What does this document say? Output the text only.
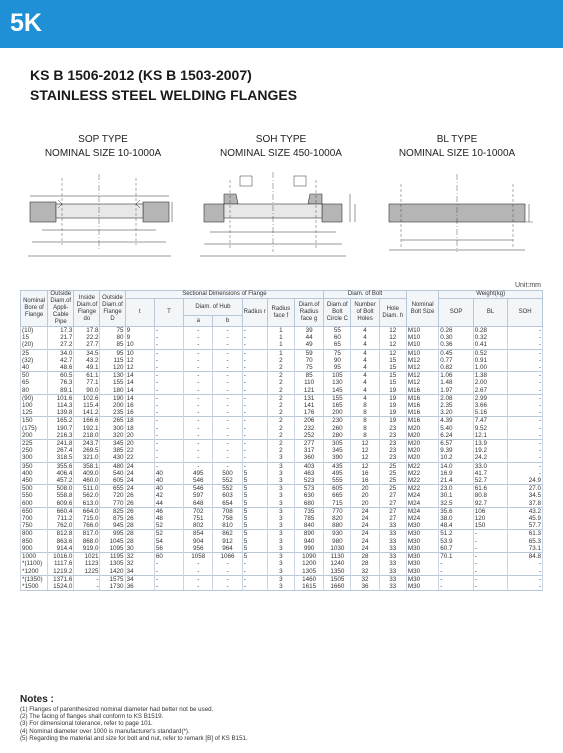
5K
KS B 1506-2012 (KS B 1503-2007)
STAINLESS STEEL WELDING FLANGES
SOP TYPE
NOMINAL SIZE 10-1000A
SOH TYPE
NOMINAL SIZE 450-1000A
BL TYPE
NOMINAL SIZE 10-1000A
Unit:mm
Nominal Bore of Flange	Outside Diam.of Appli-Cable Pipe	Inside Diam.of Flange do	Outside Diam.of Flange D	Sectional Dimensions of Flange							Diam. of Bolt			Nominal Bolt Size	Weight(kg)		
				t	T	Diam. of Hub		Radius r	Radius face f	Diam.of Radius face g	Diam.of Bolt Circle C	Number of Bolt Holes	Hole Diam. h		SOP	BL	SOH
						a	b										
(10)	17.3	17.8	75	9	-	-	-	-	1	39	55	4	12	M10	0.26	0.28	-
15	21.7	22.2	80	9	-	-	-	-	1	44	60	4	12	M10	0.30	0.32	-
(20)	27.2	27.7	85	10	-	-	-	-	1	49	65	4	12	M10	0.36	0.41	-
25	34.0	34.5	95	10	-	-	-	-	1	59	75	4	12	M10	0.45	0.52	-
(32)	42.7	43.2	115	12	-	-	-	-	2	70	90	4	15	M12	0.77	0.91	-
40	48.6	49.1	120	12	-	-	-	-	2	75	95	4	15	M12	0.82	1.00	-
50	60.5	61.1	130	14	-	-	-	-	2	85	105	4	15	M12	1.06	1.38	-
65	76.3	77.1	155	14	-	-	-	-	2	110	130	4	15	M12	1.48	2.00	-
80	89.1	90.0	180	14	-	-	-	-	2	121	145	4	19	M16	1.97	2.67	-
(90)	101.6	102.6	190	14	-	-	-	-	2	131	155	4	19	M16	2.08	2.99	-
100	114.3	115.4	200	16	-	-	-	-	2	141	165	8	19	M16	2.35	3.66	-
125	139.8	141.2	235	16	-	-	-	-	2	176	200	8	19	M16	3.20	5.16	-
150	165.2	166.6	265	18	-	-	-	-	2	206	230	8	19	M16	4.39	7.47	-
(175)	190.7	192.1	300	18	-	-	-	-	2	232	260	8	23	M20	5.40	9.52	-
200	216.3	218.0	320	20	-	-	-	-	2	252	280	8	23	M20	6.24	12.1	-
225	241.8	243.7	345	20	-	-	-	-	2	277	305	12	23	M20	6.57	13.9	-
250	267.4	269.5	385	22	-	-	-	-	2	317	345	12	23	M20	9.39	19.2	-
300	318.5	321.0	430	22	-	-	-	-	3	360	390	12	23	M20	10.2	24.2	-
350	355.6	358.1	480	24	-	-	-	-	3	403	435	12	25	M22	14.0	33.0	-
400	406.4	409.0	540	24	40	495	500	5	3	463	495	16	25	M22	16.9	41.7	-
450	457.2	460.0	605	24	40	546	552	5	3	523	555	16	25	M22	21.4	52.7	24.9
500	508.0	511.0	655	24	40	546	552	5	3	573	605	20	25	M22	23.0	61.6	27.0
550	558.8	562.0	720	26	42	597	603	5	3	630	665	20	27	M24	30.1	80.8	34.5
600	609.6	613.0	770	26	44	648	654	5	3	680	715	20	27	M24	32.5	92.7	37.8
650	660.4	664.0	825	26	46	702	708	5	3	735	770	24	27	M24	35.6	106	43.2
700	711.2	715.0	875	26	48	751	758	5	3	785	820	24	27	M24	38.0	120	45.9
750	762.0	766.0	945	28	52	802	810	5	3	840	880	24	33	M30	48.4	150	57.7
800	812.8	817.0	995	28	52	854	862	5	3	890	930	24	33	M30	51.2	-	61.3
850	863.6	868.0	1045	28	54	904	912	5	3	940	980	24	33	M30	53.9	-	65.3
900	914.4	919.0	1095	30	56	956	964	5	3	990	1030	24	33	M30	60.7	-	73.1
1000	1016.0	1021	1195	32	60	1058	1066	5	3	1090	1130	28	33	M30	70.1	-	84.8
*(1100)	1117.6	1123	1305	32	-	-	-	-	3	1200	1240	28	33	M30	-	-	-
*1200	1219.2	1225	1420	34	-	-	-	-	3	1305	1350	32	33	M30	-	-	-
*(1350)	1371.6	-	1575	34	-	-	-	-	3	1460	1505	32	33	M30	-	-	-
*1500	1524.0	-	1730	36	-	-	-	-	3	1615	1660	36	33	M30	-	-	-
Notes :
(1) Flanges of parenthesized nominal diameter had better not be used.
(2) The facing of flanges shall conform to KS B1519.
(3) For dimensional tolerance, refer to page 101.
(4) Nominal diameter over 1000 is manufacturer's standard(*).
(5) Regarding the material and size for bolt and nut, refer to remark [B] of KS B151.
